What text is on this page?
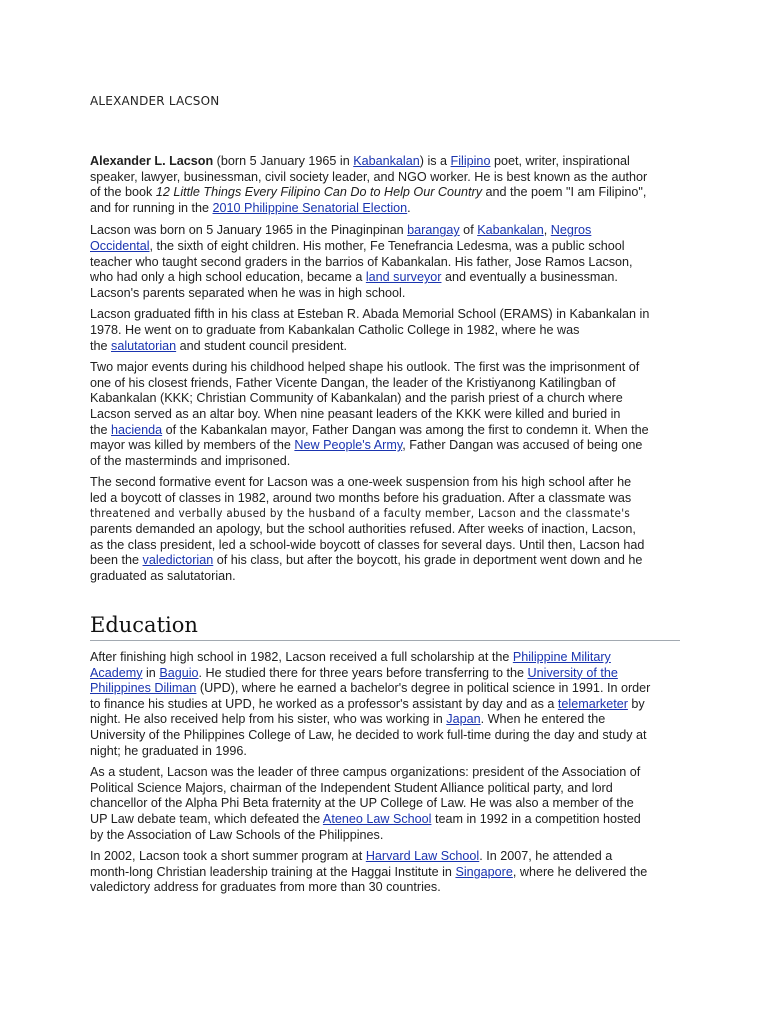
ALEXANDER LACSON

Alexander L. Lacson (born 5 January 1965 in Kabankalan) is a Filipino poet, writer, inspirational
speaker, lawyer, businessman, civil society leader, and NGO worker. He is best known as the author
of the book 12 Little Things Every Filipino Can Do to Help Our Country and the poem "I am Filipino",
and for running in the 2010 Philippine Senatorial Election.

Lacson was born on 5 January 1965 in the Pinaginpinan barangay of Kabankalan, Negros
Occidental, the sixth of eight children. His mother, Fe Tenefrancia Ledesma, was a public school
teacher who taught second graders in the barrios of Kabankalan. His father, Jose Ramos Lacson,
who had only a high school education, became a land surveyor and eventually a businessman.
Lacson's parents separated when he was in high school.

Lacson graduated fifth in his class at Esteban R. Abada Memorial School (ERAMS) in Kabankalan in
1978. He went on to graduate from Kabankalan Catholic College in 1982, where he was
the salutatorian and student council president.

Two major events during his childhood helped shape his outlook. The first was the imprisonment of
one of his closest friends, Father Vicente Dangan, the leader of the Kristiyanong Katilingban of
Kabankalan (KKK; Christian Community of Kabankalan) and the parish priest of a church where
Lacson served as an altar boy. When nine peasant leaders of the KKK were killed and buried in
the hacienda of the Kabankalan mayor, Father Dangan was among the first to condemn it. When the
mayor was killed by members of the New People's Army, Father Dangan was accused of being one
of the masterminds and imprisoned.

The second formative event for Lacson was a one-week suspension from his high school after he
led a boycott of classes in 1982, around two months before his graduation. After a classmate was
threatened and verbally abused by the husband of a faculty member, Lacson and the classmate's
parents demanded an apology, but the school authorities refused. After weeks of inaction, Lacson,
as the class president, led a school-wide boycott of classes for several days. Until then, Lacson had
been the valedictorian of his class, but after the boycott, his grade in deportment went down and he
graduated as salutatorian.

Education

After finishing high school in 1982, Lacson received a full scholarship at the Philippine Military
Academy in Baguio. He studied there for three years before transferring to the University of the
Philippines Diliman (UPD), where he earned a bachelor's degree in political science in 1991. In order
to finance his studies at UPD, he worked as a professor's assistant by day and as a telemarketer by
night. He also received help from his sister, who was working in Japan. When he entered the
University of the Philippines College of Law, he decided to work full-time during the day and study at
night; he graduated in 1996.

As a student, Lacson was the leader of three campus organizations: president of the Association of
Political Science Majors, chairman of the Independent Student Alliance political party, and lord
chancellor of the Alpha Phi Beta fraternity at the UP College of Law. He was also a member of the
UP Law debate team, which defeated the Ateneo Law School team in 1992 in a competition hosted
by the Association of Law Schools of the Philippines.

In 2002, Lacson took a short summer program at Harvard Law School. In 2007, he attended a
month-long Christian leadership training at the Haggai Institute in Singapore, where he delivered the
valedictory address for graduates from more than 30 countries.
